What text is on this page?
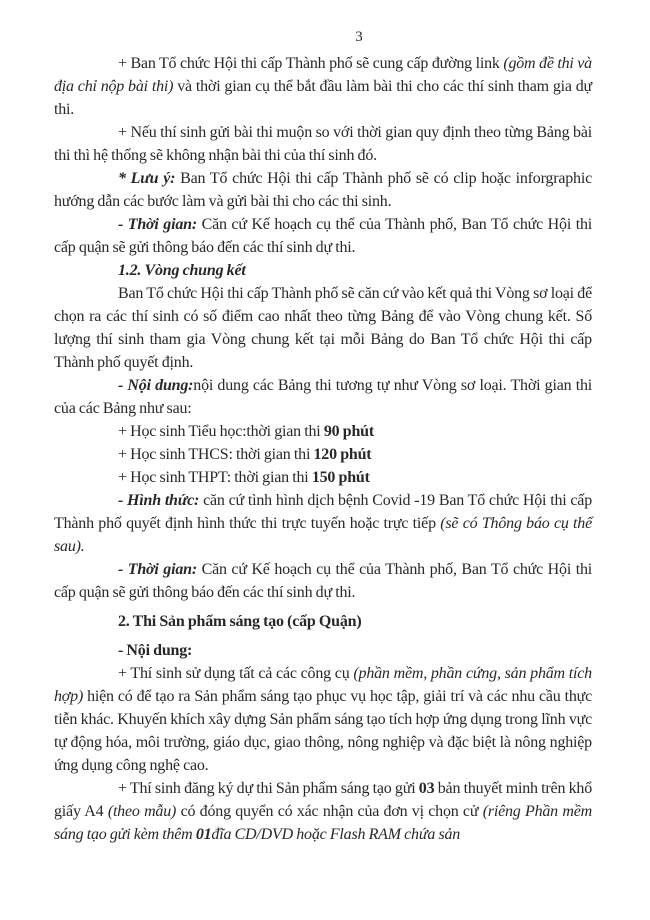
3

+ Ban Tổ chức Hội thi cấp Thành phố sẽ cung cấp đường link (gồm đề thi và địa chỉ nộp bài thi) và thời gian cụ thể bắt đầu làm bài thi cho các thí sinh tham gia dự thi.

+ Nếu thí sinh gửi bài thi muộn so với thời gian quy định theo từng Bảng bài thi thì hệ thống sẽ không nhận bài thi của thí sinh đó.

* Lưu ý: Ban Tổ chức Hội thi cấp Thành phố sẽ có clip hoặc inforgraphic hướng dẫn các bước làm và gửi bài thi cho các thi sinh.

- Thời gian: Căn cứ Kế hoạch cụ thể của Thành phố, Ban Tổ chức Hội thi cấp quận sẽ gửi thông báo đến các thí sinh dự thi.

1.2. Vòng chung kết

Ban Tổ chức Hội thi cấp Thành phố sẽ căn cứ vào kết quả thi Vòng sơ loại để chọn ra các thí sinh có số điểm cao nhất theo từng Bảng để vào Vòng chung kết. Số lượng thí sinh tham gia Vòng chung kết tại mỗi Bảng do Ban Tổ chức Hội thi cấp Thành phố quyết định.

- Nội dung:nội dung các Bảng thi tương tự như Vòng sơ loại. Thời gian thi của các Bảng như sau:

+ Học sinh Tiểu học:thời gian thi 90 phút

+ Học sinh THCS: thời gian thi 120 phút

+ Học sinh THPT: thời gian thi 150 phút

- Hình thức: căn cứ tình hình dịch bệnh Covid -19 Ban Tổ chức Hội thi cấp Thành phố quyết định hình thức thi trực tuyến hoặc trực tiếp (sẽ có Thông báo cụ thể sau).

- Thời gian: Căn cứ Kế hoạch cụ thể của Thành phố, Ban Tổ chức Hội thi cấp quận sẽ gửi thông báo đến các thí sinh dự thi.

2. Thi Sản phẩm sáng tạo (cấp Quận)

- Nội dung:

+ Thí sinh sử dụng tất cả các công cụ (phần mềm, phần cứng, sản phẩm tích hợp) hiện có để tạo ra Sản phẩm sáng tạo phục vụ học tập, giải trí và các nhu cầu thực tiễn khác. Khuyến khích xây dựng Sản phẩm sáng tạo tích hợp ứng dụng trong lĩnh vực tự động hóa, môi trường, giáo dục, giao thông, nông nghiệp và đặc biệt là nông nghiệp ứng dụng công nghệ cao.

+ Thí sinh đăng ký dự thi Sản phẩm sáng tạo gửi 03 bản thuyết minh trên khổ giấy A4 (theo mẫu) có đóng quyển có xác nhận của đơn vị chọn cử (riêng Phần mềm sáng tạo gửi kèm thêm 01đĩa CD/DVD hoặc Flash RAM chứa sản
